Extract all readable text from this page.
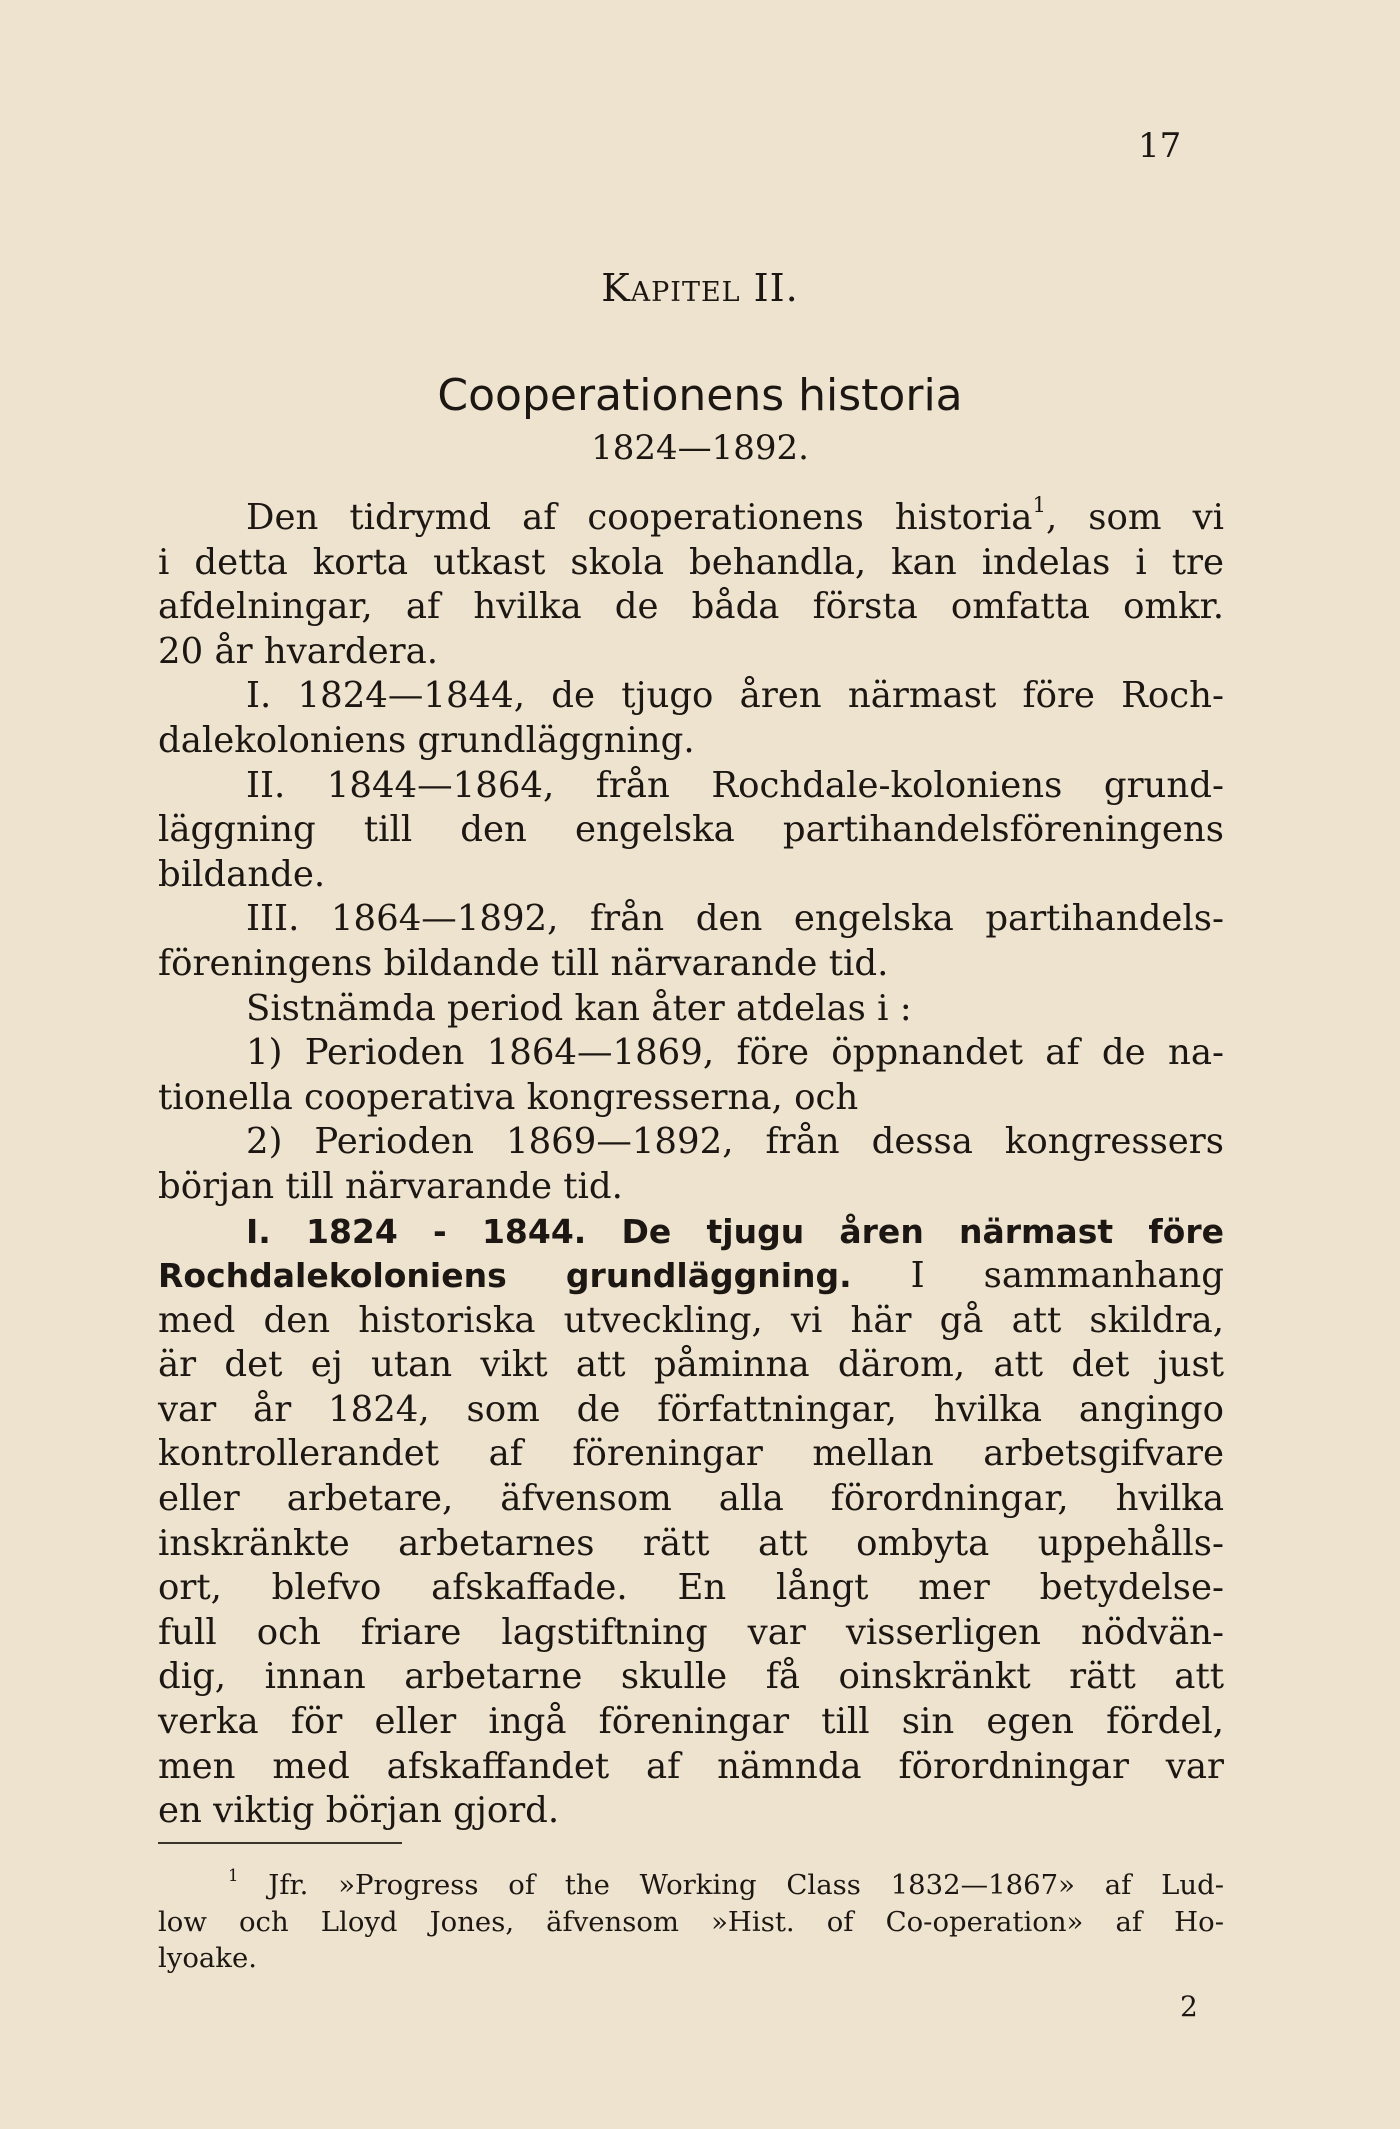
17
Kapitel II.
Cooperationens historia
1824—1892.
Den tidrymd af cooperationens historia$^1$, som vi
i detta korta utkast skola behandla, kan indelas i tre
afdelningar, af hvilka de båda första omfatta omkr.
20 år hvardera.
I. 1824—1844, de tjugo åren närmast före Roch-
dalekoloniens grundläggning.
II. 1844—1864, från Rochdale-koloniens grund-
läggning till den engelska partihandelsföreningens
bildande.
III. 1864—1892, från den engelska partihandels-
föreningens bildande till närvarande tid.
Sistnämda period kan åter atdelas i :
1) Perioden 1864—1869, före öppnandet af de na-
tionella cooperativa kongresserna, och
2) Perioden 1869—1892, från dessa kongressers
början till närvarande tid.
I. 1824 - 1844. De tjugu åren närmast före
Rochdalekoloniens grundläggning. I sammanhang
med den historiska utveckling, vi här gå att skildra,
är det ej utan vikt att påminna därom, att det just
var år 1824, som de författningar, hvilka angingo
kontrollerandet af föreningar mellan arbetsgifvare
eller arbetare, äfvensom alla förordningar, hvilka
inskränkte arbetarnes rätt att ombyta uppehålls-
ort, blefvo afskaffade. En långt mer betydelse-
full och friare lagstiftning var visserligen nödvän-
dig, innan arbetarne skulle få oinskränkt rätt att
verka för eller ingå föreningar till sin egen fördel,
men med afskaffandet af nämnda förordningar var
en viktig början gjord.
$^1$ Jfr. »Progress of the Working Class 1832—1867» af Lud-
low och Lloyd Jones, äfvensom »Hist. of Co-operation» af Ho-
lyoake.
2
